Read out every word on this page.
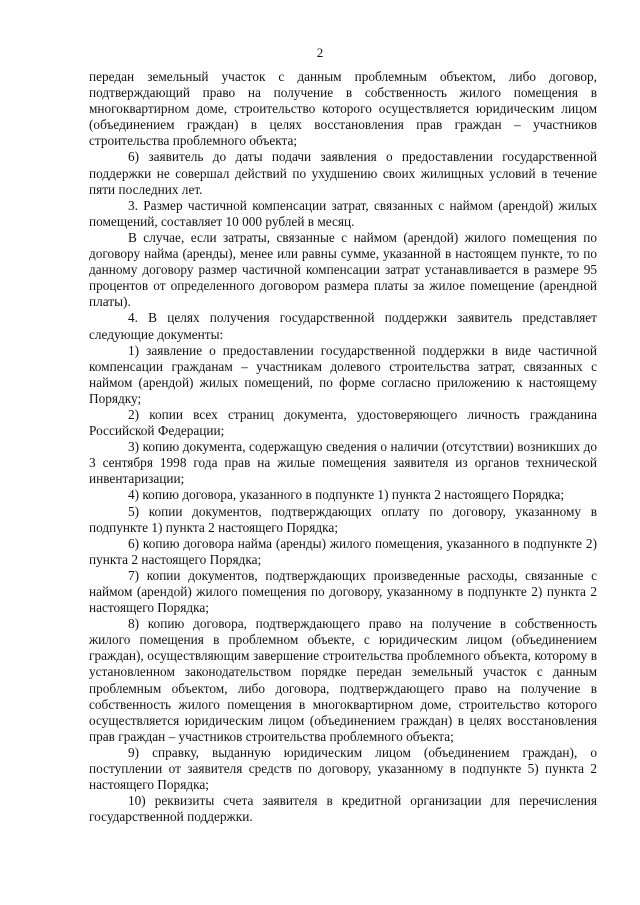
2

передан земельный участок с данным проблемным объектом, либо договор, подтверждающий право на получение в собственность жилого помещения в многоквартирном доме, строительство которого осуществляется юридическим лицом (объединением граждан) в целях восстановления прав граждан – участников строительства проблемного объекта;

6) заявитель до даты подачи заявления о предоставлении государственной поддержки не совершал действий по ухудшению своих жилищных условий в течение пяти последних лет.

3. Размер частичной компенсации затрат, связанных с наймом (арендой) жилых помещений, составляет 10 000 рублей в месяц.

В случае, если затраты, связанные с наймом (арендой) жилого помещения по договору найма (аренды), менее или равны сумме, указанной в настоящем пункте, то по данному договору размер частичной компенсации затрат устанавливается в размере 95 процентов от определенного договором размера платы за жилое помещение (арендной платы).

4. В целях получения государственной поддержки заявитель представляет следующие документы:

1) заявление о предоставлении государственной поддержки в виде частичной компенсации гражданам – участникам долевого строительства затрат, связанных с наймом (арендой) жилых помещений, по форме согласно приложению к настоящему Порядку;

2) копии всех страниц документа, удостоверяющего личность гражданина Российской Федерации;

3) копию документа, содержащую сведения о наличии (отсутствии) возникших до 3 сентября 1998 года прав на жилые помещения заявителя из органов технической инвентаризации;

4) копию договора, указанного в подпункте 1) пункта 2 настоящего Порядка;

5) копии документов, подтверждающих оплату по договору, указанному в подпункте 1) пункта 2 настоящего Порядка;

6) копию договора найма (аренды) жилого помещения, указанного в подпункте 2) пункта 2 настоящего Порядка;

7) копии документов, подтверждающих произведенные расходы, связанные с наймом (арендой) жилого помещения по договору, указанному в подпункте 2) пункта 2 настоящего Порядка;

8) копию договора, подтверждающего право на получение в собственность жилого помещения в проблемном объекте, с юридическим лицом (объединением граждан), осуществляющим завершение строительства проблемного объекта, которому в установленном законодательством порядке передан земельный участок с данным проблемным объектом, либо договора, подтверждающего право на получение в собственность жилого помещения в многоквартирном доме, строительство которого осуществляется юридическим лицом (объединением граждан) в целях восстановления прав граждан – участников строительства проблемного объекта;

9) справку, выданную юридическим лицом (объединением граждан), о поступлении от заявителя средств по договору, указанному в подпункте 5) пункта 2 настоящего Порядка;

10) реквизиты счета заявителя в кредитной организации для перечисления государственной поддержки.
